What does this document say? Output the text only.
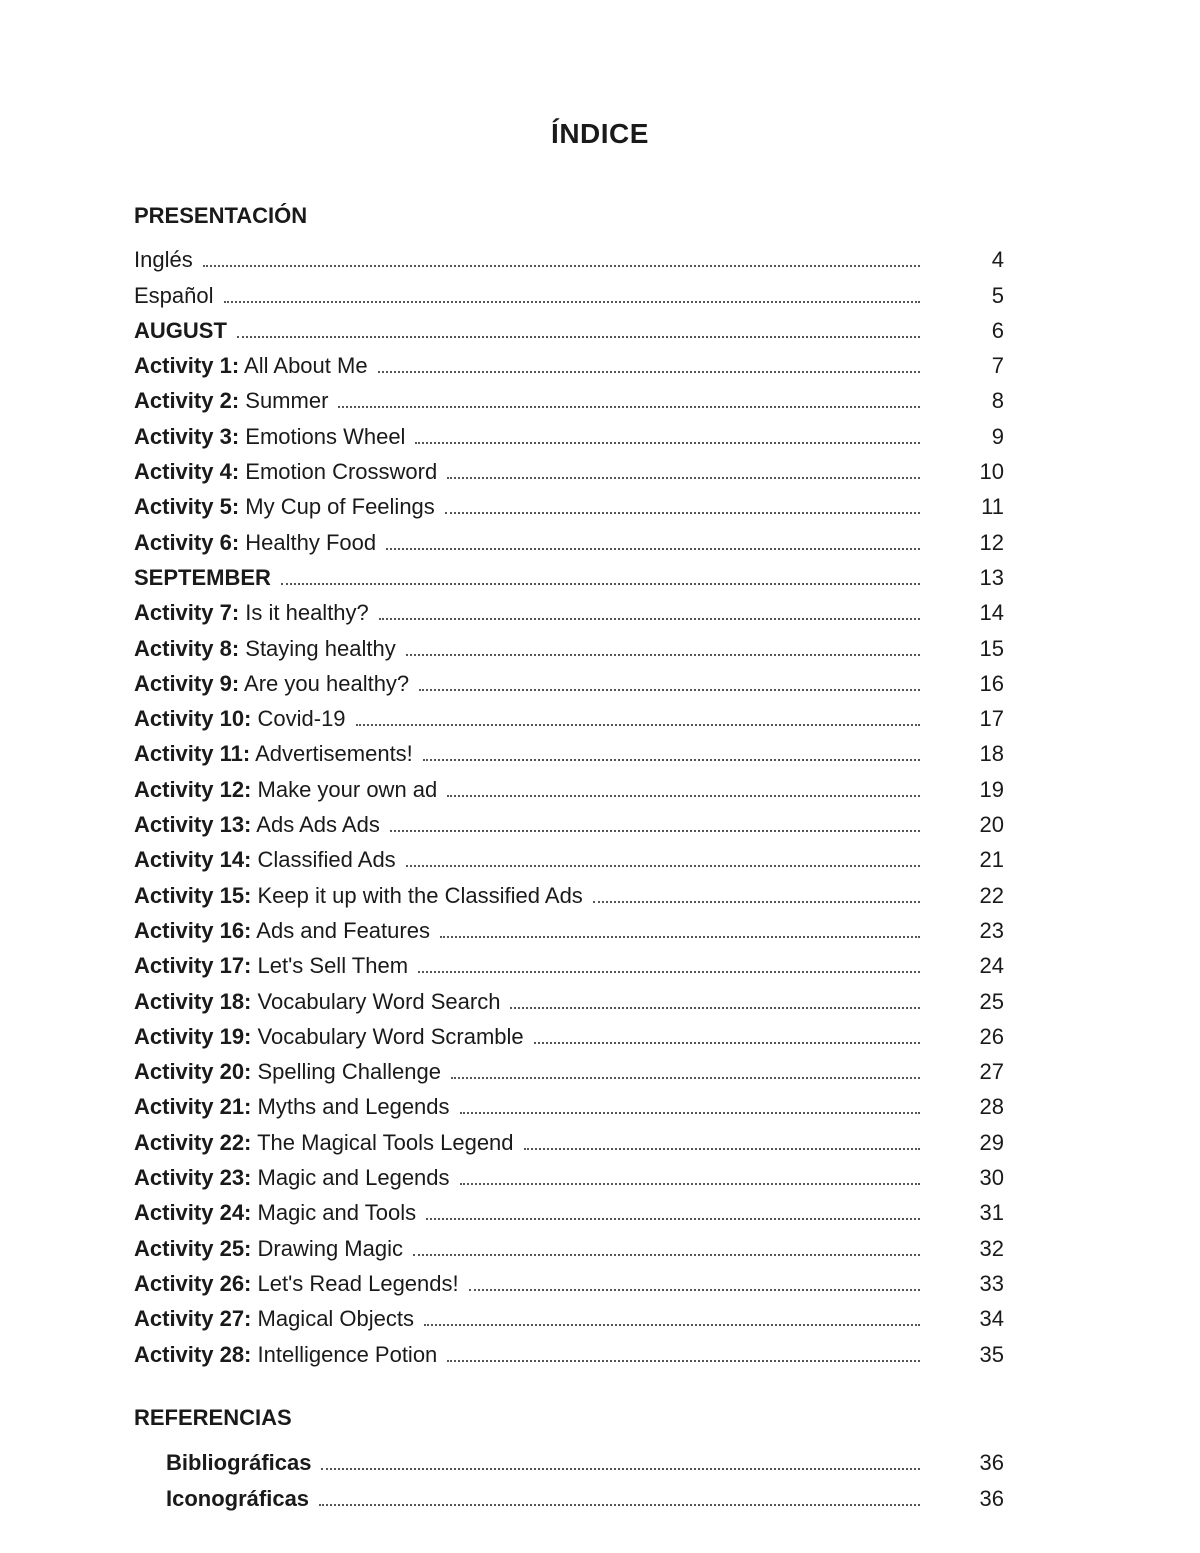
ÍNDICE
PRESENTACIÓN
Inglés	4
Español	5
AUGUST	6
Activity 1: All About Me	7
Activity 2: Summer	8
Activity 3: Emotions Wheel	9
Activity 4: Emotion Crossword	10
Activity 5: My Cup of Feelings	11
Activity 6: Healthy Food	12
SEPTEMBER	13
Activity 7: Is it healthy?	14
Activity 8: Staying healthy	15
Activity 9: Are you healthy?	16
Activity 10: Covid-19	17
Activity 11: Advertisements!	18
Activity 12: Make your own ad	19
Activity 13: Ads Ads Ads	20
Activity 14: Classified Ads	21
Activity 15: Keep it up with the Classified Ads	22
Activity 16: Ads and Features	23
Activity 17: Let's Sell Them	24
Activity 18: Vocabulary Word Search	25
Activity 19: Vocabulary Word Scramble	26
Activity 20: Spelling Challenge	27
Activity 21: Myths and Legends	28
Activity 22: The Magical Tools Legend	29
Activity 23: Magic and Legends	30
Activity 24: Magic and Tools	31
Activity 25: Drawing Magic	32
Activity 26: Let's Read Legends!	33
Activity 27: Magical Objects	34
Activity 28: Intelligence Potion	35
REFERENCIAS
Bibliográficas	36
Iconográficas	36
